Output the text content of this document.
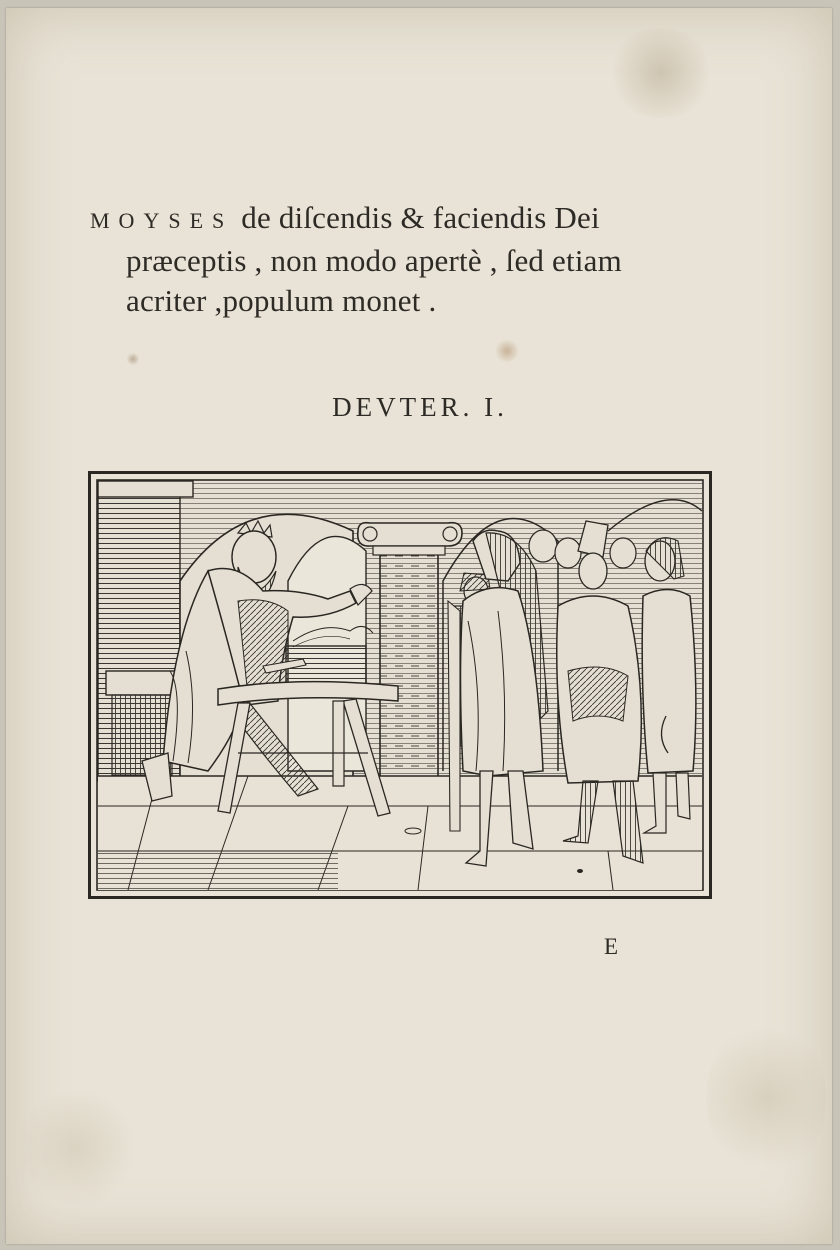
MOYSES de diſcendis & faciendis Dei
præceptis , non modo apertè , ſed etiam
acriter ,populum monet .
DEVTER. I.
E
